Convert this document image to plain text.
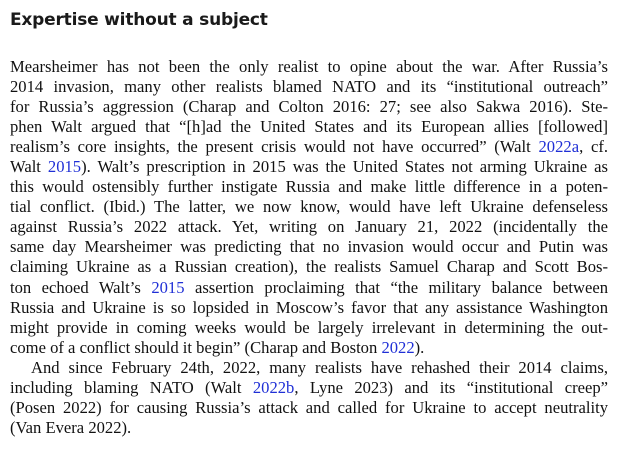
Expertise without a subject
Mearsheimer has not been the only realist to opine about the war. After Russia’s
2014 invasion, many other realists blamed NATO and its “institutional outreach”
for Russia’s aggression (Charap and Colton 2016: 27; see also Sakwa 2016). Ste-
phen Walt argued that “[h]ad the United States and its European allies [followed]
realism’s core insights, the present crisis would not have occurred” (Walt 2022a, cf.
Walt 2015). Walt’s prescription in 2015 was the United States not arming Ukraine as
this would ostensibly further instigate Russia and make little difference in a poten-
tial conflict. (Ibid.) The latter, we now know, would have left Ukraine defenseless
against Russia’s 2022 attack. Yet, writing on January 21, 2022 (incidentally the
same day Mearsheimer was predicting that no invasion would occur and Putin was
claiming Ukraine as a Russian creation), the realists Samuel Charap and Scott Bos-
ton echoed Walt’s 2015 assertion proclaiming that “the military balance between
Russia and Ukraine is so lopsided in Moscow’s favor that any assistance Washington
might provide in coming weeks would be largely irrelevant in determining the out-
come of a conflict should it begin” (Charap and Boston 2022).
And since February 24th, 2022, many realists have rehashed their 2014 claims,
including blaming NATO (Walt 2022b, Lyne 2023) and its “institutional creep”
(Posen 2022) for causing Russia’s attack and called for Ukraine to accept neutrality
(Van Evera 2022).
